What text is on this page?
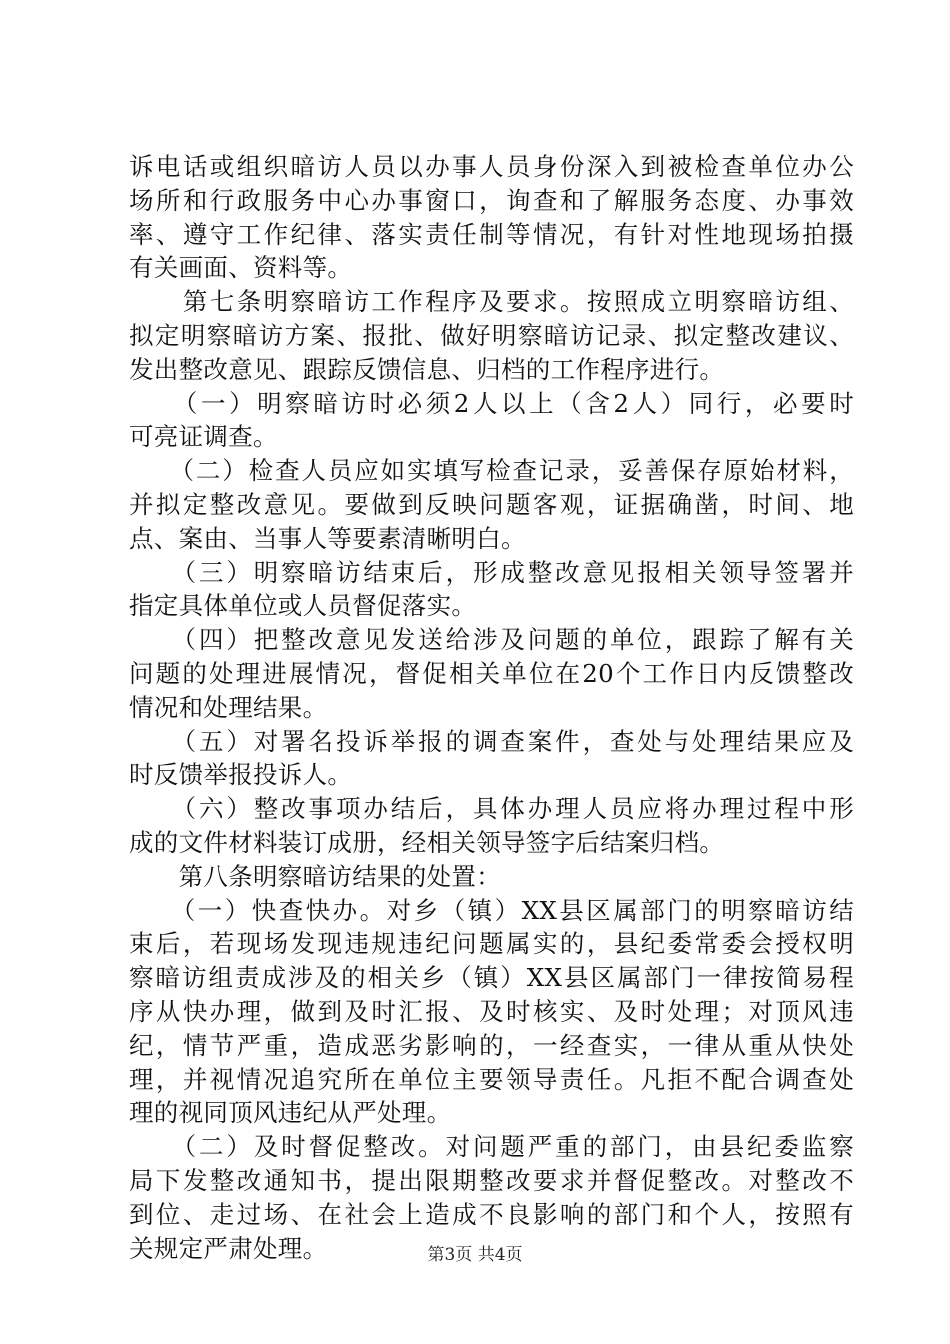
诉电话或组织暗访人员以办事人员身份深入到被检查单位办公
场所和行政服务中心办事窗口，询查和了解服务态度、办事效
率、遵守工作纪律、落实责任制等情况，有针对性地现场拍摄
有关画面、资料等。
　　第七条明察暗访工作程序及要求。按照成立明察暗访组、
拟定明察暗访方案、报批、做好明察暗访记录、拟定整改建议、
发出整改意见、跟踪反馈信息、归档的工作程序进行。
　　（一）明察暗访时必须2人以上（含2人）同行，必要时
可亮证调查。
　　（二）检查人员应如实填写检查记录，妥善保存原始材料，
并拟定整改意见。要做到反映问题客观，证据确凿，时间、地
点、案由、当事人等要素清晰明白。
　　（三）明察暗访结束后，形成整改意见报相关领导签署并
指定具体单位或人员督促落实。
　　（四）把整改意见发送给涉及问题的单位，跟踪了解有关
问题的处理进展情况，督促相关单位在20个工作日内反馈整改
情况和处理结果。
　　（五）对署名投诉举报的调查案件，查处与处理结果应及
时反馈举报投诉人。
　　（六）整改事项办结后，具体办理人员应将办理过程中形
成的文件材料装订成册，经相关领导签字后结案归档。
　　第八条明察暗访结果的处置：
　　（一）快查快办。对乡（镇）XX县区属部门的明察暗访结
束后，若现场发现违规违纪问题属实的，县纪委常委会授权明
察暗访组责成涉及的相关乡（镇）XX县区属部门一律按简易程
序从快办理，做到及时汇报、及时核实、及时处理；对顶风违
纪，情节严重，造成恶劣影响的，一经查实，一律从重从快处
理，并视情况追究所在单位主要领导责任。凡拒不配合调查处
理的视同顶风违纪从严处理。
　　（二）及时督促整改。对问题严重的部门，由县纪委监察
局下发整改通知书，提出限期整改要求并督促整改。对整改不
到位、走过场、在社会上造成不良影响的部门和个人，按照有
关规定严肃处理。	第3页 共4页
